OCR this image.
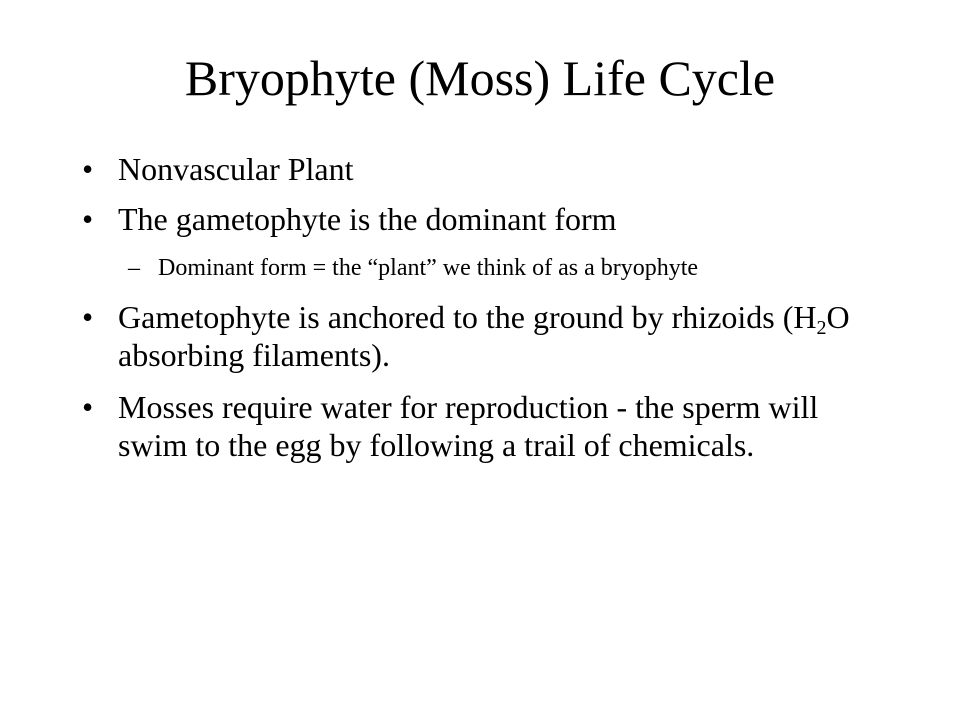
Bryophyte (Moss) Life Cycle
• Nonvascular Plant
• The gametophyte is the dominant form
– Dominant form = the “plant” we think of as a bryophyte
• Gametophyte is anchored to the ground by rhizoids ($H_2O$ absorbing filaments).
• Mosses require water for reproduction - the sperm will swim to the egg by following a trail of chemicals.
